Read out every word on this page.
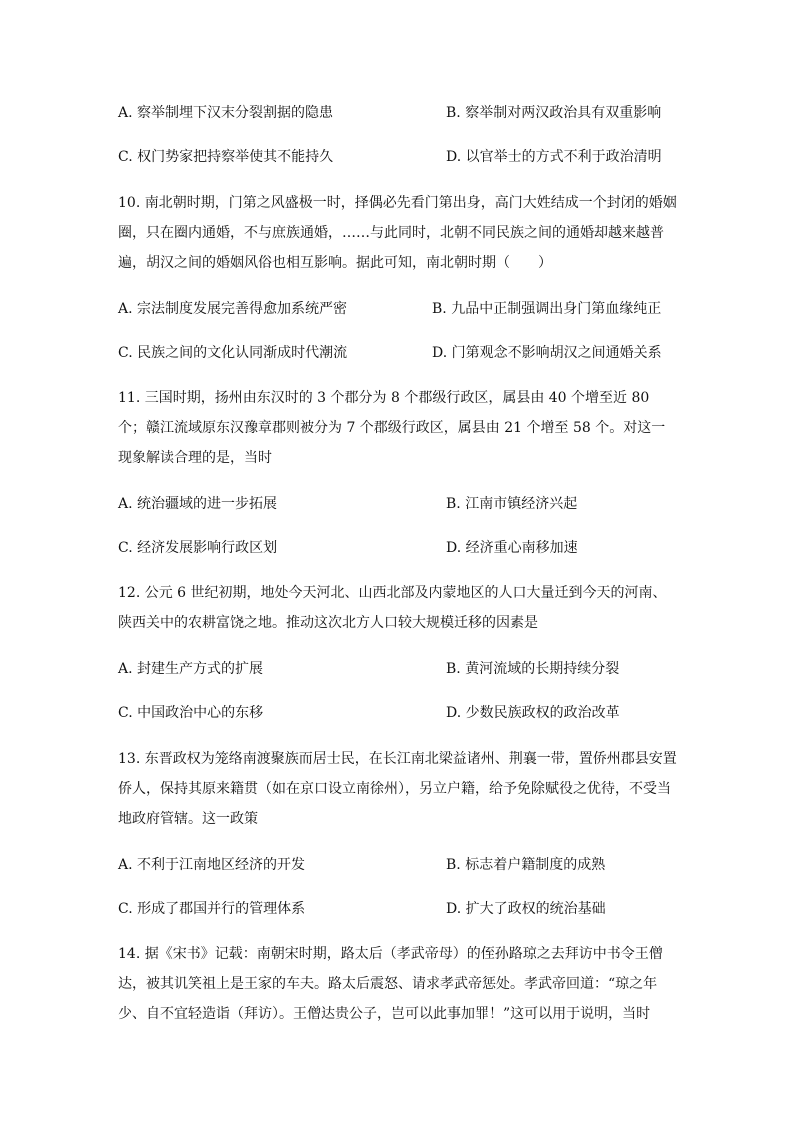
A. 察举制埋下汉末分裂割据的隐患	B. 察举制对两汉政治具有双重影响
C. 权门势家把持察举使其不能持久	D. 以官举士的方式不利于政治清明
10. 南北朝时期，门第之风盛极一时，择偶必先看门第出身，高门大姓结成一个封闭的婚姻圈，只在圈内通婚，不与庶族通婚，……与此同时，北朝不同民族之间的通婚却越来越普遍，胡汉之间的婚姻风俗也相互影响。据此可知，南北朝时期（　　）
A. 宗法制度发展完善得愈加系统严密	B. 九品中正制强调出身门第血缘纯正
C. 民族之间的文化认同渐成时代潮流	D. 门第观念不影响胡汉之间通婚关系
11. 三国时期，扬州由东汉时的 3 个郡分为 8 个郡级行政区，属县由 40 个增至近 80 个；赣江流域原东汉豫章郡则被分为 7 个郡级行政区，属县由 21 个增至 58 个。对这一现象解读合理的是，当时
A. 统治疆域的进一步拓展	B. 江南市镇经济兴起
C. 经济发展影响行政区划	D. 经济重心南移加速
12. 公元 6 世纪初期，地处今天河北、山西北部及内蒙地区的人口大量迁到今天的河南、陕西关中的农耕富饶之地。推动这次北方人口较大规模迁移的因素是
A. 封建生产方式的扩展	B. 黄河流域的长期持续分裂
C. 中国政治中心的东移	D. 少数民族政权的政治改革
13. 东晋政权为笼络南渡聚族而居士民，在长江南北梁益诸州、荆襄一带，置侨州郡县安置侨人，保持其原来籍贯（如在京口设立南徐州），另立户籍，给予免除赋役之优待，不受当地政府管辖。这一政策
A. 不利于江南地区经济的开发	B. 标志着户籍制度的成熟
C. 形成了郡国并行的管理体系	D. 扩大了政权的统治基础
14. 据《宋书》记载：南朝宋时期，路太后（孝武帝母）的侄孙路琼之去拜访中书令王僧达，被其讥笑祖上是王家的车夫。路太后震怒、请求孝武帝惩处。孝武帝回道：“琼之年少、自不宜轻造诣（拜访）。王僧达贵公子，岂可以此事加罪！”这可以用于说明，当时
